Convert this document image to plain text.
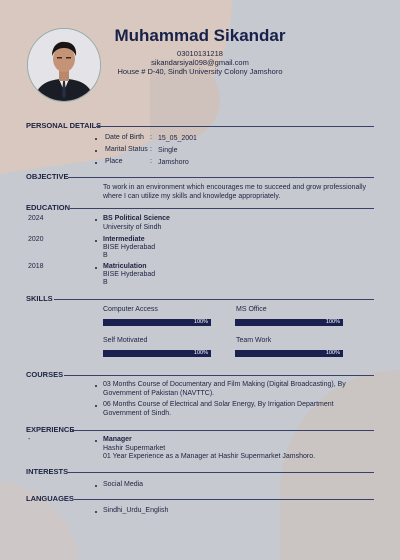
Muhammad Sikandar
03010131218
sikandarsiyal098@gmail.com
House # D-40, Sindh University Colony Jamshoro
PERSONAL DETAILS
Date of Birth : 15_05_2001
Marital Status : Single
Place	: Jamshoro
OBJECTIVE
To work in an environment which encourages me to succeed and grow professionally
where I can utilize my skills and knowledge appropriately.
EDUCATION
2024	BS Political Science
University of Sindh
2020	Intermediate
BISE Hyderabad
B
2018	Matriculation
BISE Hyderabad
B
SKILLS
Computer Access
100%
MS Office
100%
Self Motivated
100%
Team Work
100%
COURSES
03 Months Course of Documentary and Film Making (Digital Broadcasting), By
Government of Pakistan (NAVTTC).
06 Months Course of Electrical and Solar Energy, By Irrigation Department
Government of Sindh.
EXPERIENCE
-	Manager
Hashir Supermarket
01 Year Experience as a Manager at Hashir Supermarket Jamshoro.
INTERESTS
Social Media
LANGUAGES
Sindhi_Urdu_English
